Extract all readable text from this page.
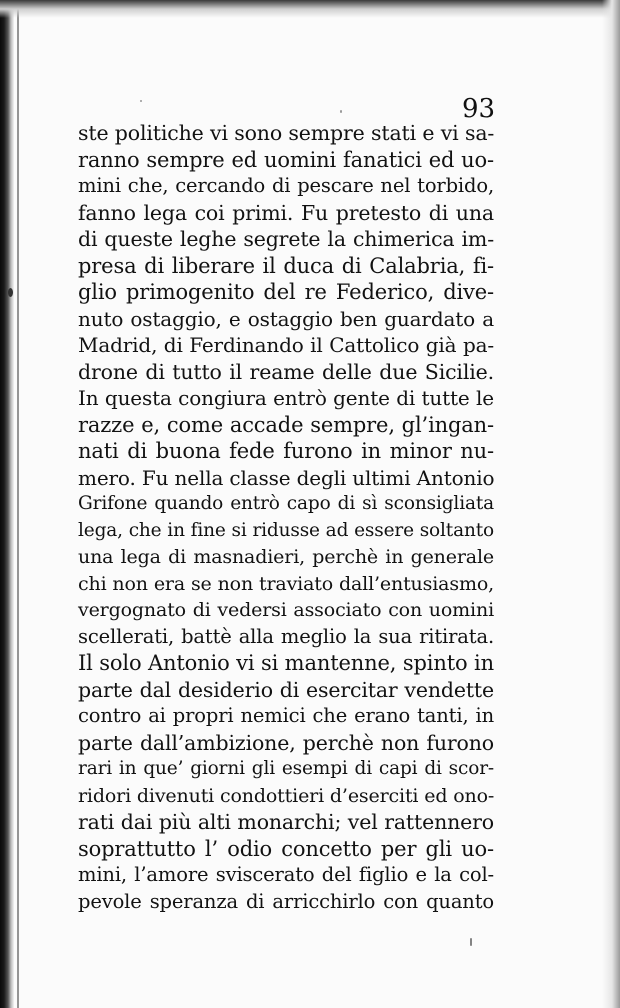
93
ste politiche vi sono sempre stati e vi sa-
ranno sempre ed uomini fanatici ed uo-
mini che, cercando di pescare nel torbido,
fanno lega coi primi. Fu pretesto di una
di queste leghe segrete la chimerica im-
presa di liberare il duca di Calabria, fi-
glio primogenito del re Federico, dive-
nuto ostaggio, e ostaggio ben guardato a
Madrid, di Ferdinando il Cattolico già pa-
drone di tutto il reame delle due Sicilie.
In questa congiura entrò gente di tutte le
razze e, come accade sempre, gl’ingan-
nati di buona fede furono in minor nu-
mero. Fu nella classe degli ultimi Antonio
Grifone quando entrò capo di sì sconsigliata
lega, che in fine si ridusse ad essere soltanto
una lega di masnadieri, perchè in generale
chi non era se non traviato dall’entusiasmo,
vergognato di vedersi associato con uomini
scellerati, battè alla meglio la sua ritirata.
Il solo Antonio vi si mantenne, spinto in
parte dal desiderio di esercitar vendette
contro ai propri nemici che erano tanti, in
parte dall’ambizione, perchè non furono
rari in que’ giorni gli esempi di capi di scor-
ridori divenuti condottieri d’eserciti ed ono-
rati dai più alti monarchi; vel rattennero
soprattutto l’ odio concetto per gli uo-
mini, l’amore sviscerato del figlio e la col-
pevole speranza di arricchirlo con quanto
